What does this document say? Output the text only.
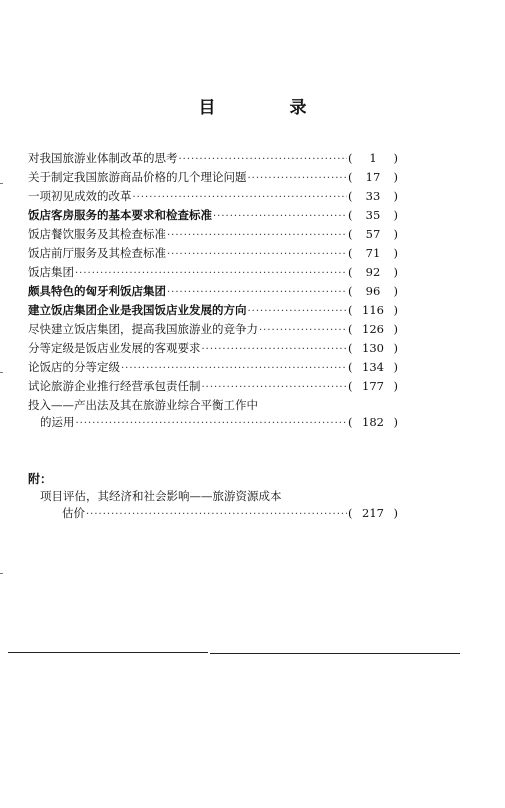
目 录
对我国旅游业体制改革的思考 ·····	(	1	)
关于制定我国旅游商品价格的几个理论问题 ·····	(	17	)
一项初见成效的改革 ·····	(	33	)
饭店客房服务的基本要求和检查标准 ·····	(	35	)
饭店餐饮服务及其检查标准 ·····	(	57	)
饭店前厅服务及其检查标准 ·····	(	71	)
饭店集团 ·····	(	92	)
颇具特色的匈牙利饭店集团 ·····	(	96	)
建立饭店集团企业是我国饭店业发展的方向 ·····	( 116 )
尽快建立饭店集团，提高我国旅游业的竞争力 ·····	( 126 )
分等定级是饭店业发展的客观要求 ·····	( 130 )
论饭店的分等定级 ·····	( 134 )
试论旅游企业推行经营承包责任制 ·····	( 177 )
投入——产出法及其在旅游业综合平衡工作中
的运用 ·····	( 182 )
附：
项目评估，其经济和社会影响——旅游资源成本
估价 ·····	( 217 )
